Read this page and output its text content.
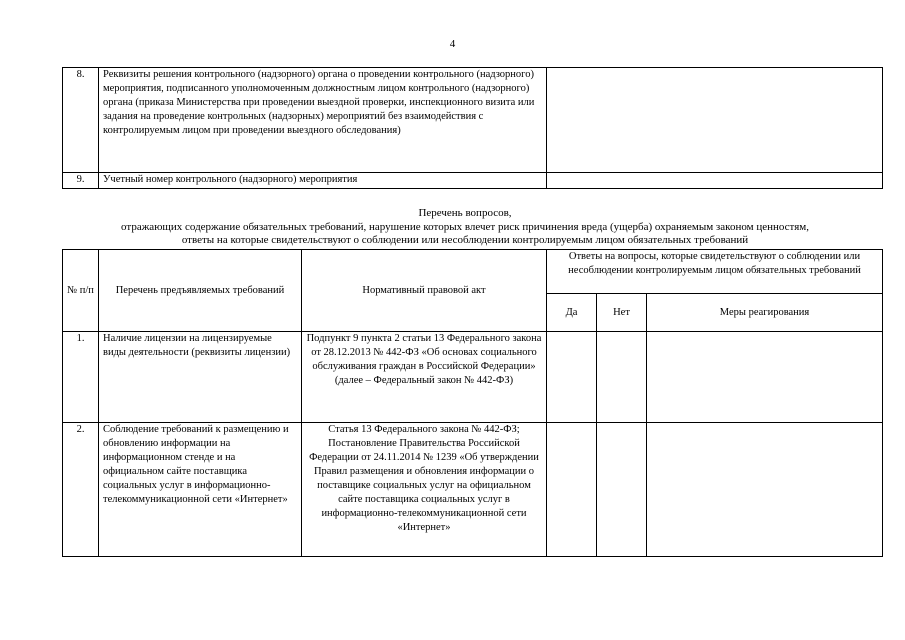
4
8.	Реквизиты решения контрольного (надзорного) органа о проведении контрольного (надзорного) мероприятия, подписанного уполномоченным должностным лицом контрольного (надзорного) органа (приказа Министерства при проведении выездной проверки, инспекционного визита или задания на проведение контрольных (надзорных) мероприятий без взаимодействия с контролируемым лицом при проведении выездного обследования)	
9.	Учетный номер контрольного (надзорного) мероприятия	
Перечень вопросов,
отражающих содержание обязательных требований, нарушение которых влечет риск причинения вреда (ущерба) охраняемым законом ценностям,
ответы на которые свидетельствуют о соблюдении или несоблюдении контролируемым лицом обязательных требований
№ п/п	Перечень предъявляемых требований	Нормативный правовой акт	Ответы на вопросы, которые свидетельствуют о соблюдении или несоблюдении контролируемым лицом обязательных требований		
			Да	Нет	Меры реагирования
1.	Наличие лицензии на лицензируемые виды деятельности (реквизиты лицензии)	Подпункт 9 пункта 2 статьи 13 Федерального закона от 28.12.2013 № 442-ФЗ «Об основах социального обслуживания граждан в Российской Федерации» (далее – Федеральный закон № 442-ФЗ)			
2.	Соблюдение требований к размещению и обновлению информации на информационном стенде и на официальном сайте поставщика социальных услуг в информационно-телекоммуникационной сети «Интернет»	Статья 13 Федерального закона № 442-ФЗ; Постановление Правительства Российской Федерации от 24.11.2014 № 1239 «Об утверждении Правил размещения и обновления информации о поставщике социальных услуг на официальном сайте поставщика социальных услуг в информационно-телекоммуникационной сети «Интернет»			
